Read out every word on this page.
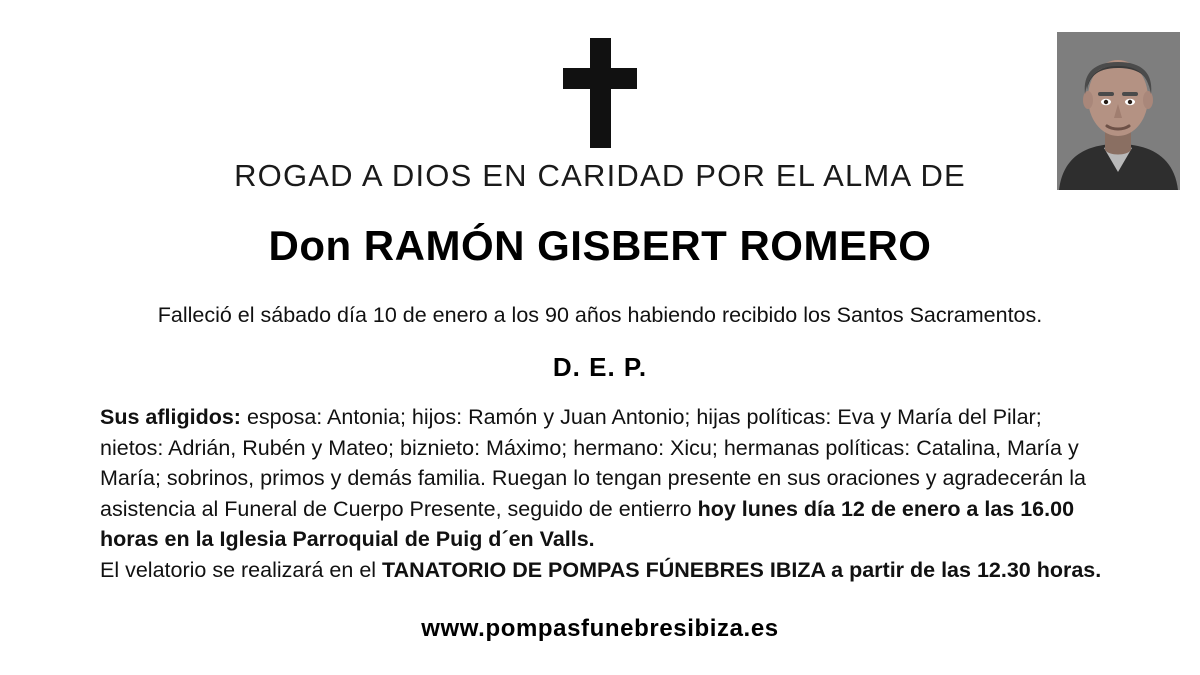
ROGAD A DIOS EN CARIDAD POR EL ALMA DE
Don RAMÓN GISBERT ROMERO
Falleció el sábado día 10 de enero a los 90 años habiendo recibido los Santos Sacramentos.
D. E. P.
Sus afligidos: esposa: Antonia; hijos: Ramón y Juan Antonio; hijas políticas: Eva y María del Pilar; nietos: Adrián, Rubén y Mateo; biznieto: Máximo; hermano: Xicu; hermanas políticas: Catalina, María y María; sobrinos, primos y demás familia. Ruegan lo tengan presente en sus oraciones y agradecerán la asistencia al Funeral de Cuerpo Presente, seguido de entierro hoy lunes día 12 de enero a las 16.00 horas en la Iglesia Parroquial de Puig d´en Valls.
El velatorio se realizará en el TANATORIO DE POMPAS FÚNEBRES IBIZA a partir de las 12.30 horas.
www.pompasfunebresibiza.es
